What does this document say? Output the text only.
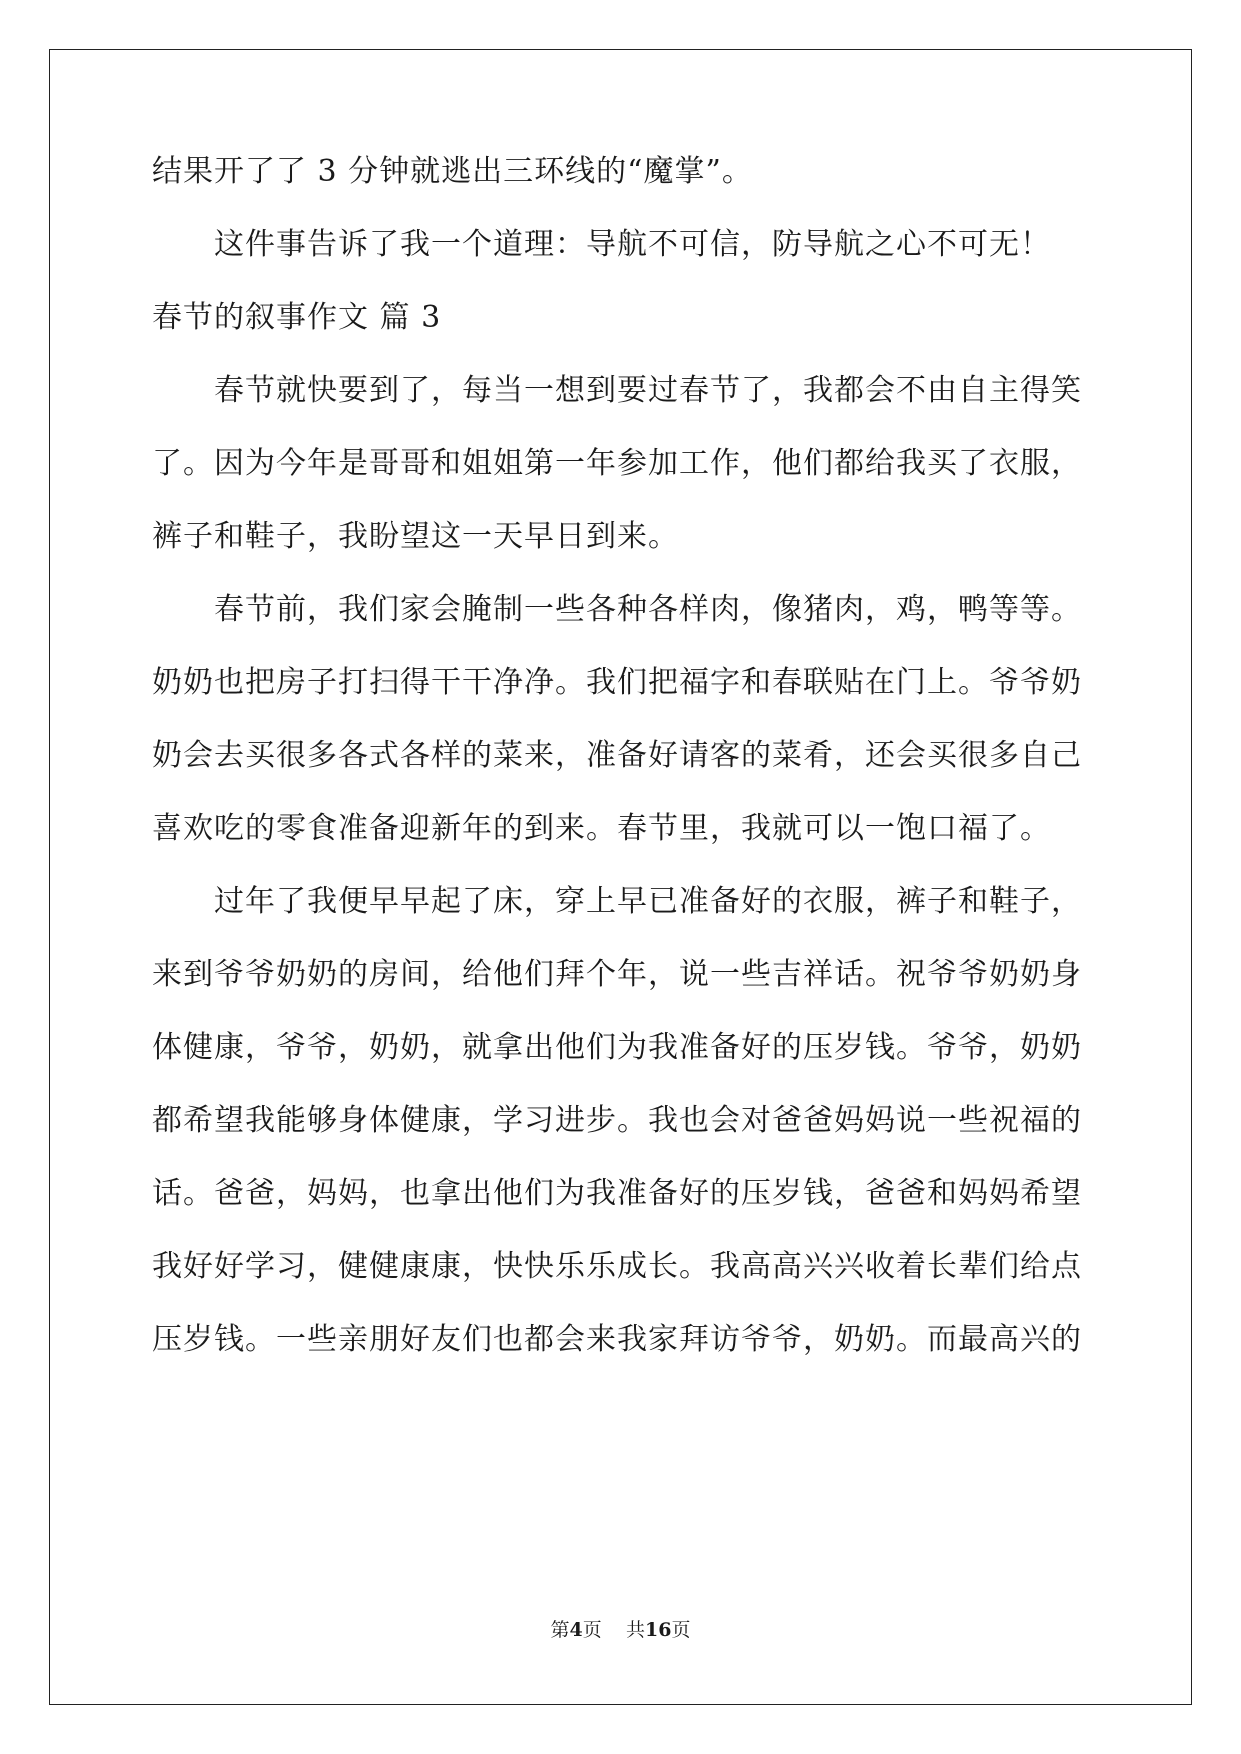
结果开了了 3 分钟就逃出三环线的“魔掌”。
这件事告诉了我一个道理：导航不可信，防导航之心不可无！
春节的叙事作文 篇 3
春节就快要到了，每当一想到要过春节了，我都会不由自主得笑
了。因为今年是哥哥和姐姐第一年参加工作，他们都给我买了衣服，
裤子和鞋子，我盼望这一天早日到来。
春节前，我们家会腌制一些各种各样肉，像猪肉，鸡，鸭等等。
奶奶也把房子打扫得干干净净。我们把福字和春联贴在门上。爷爷奶
奶会去买很多各式各样的菜来，准备好请客的菜肴，还会买很多自己
喜欢吃的零食准备迎新年的到来。春节里，我就可以一饱口福了。
过年了我便早早起了床，穿上早已准备好的衣服，裤子和鞋子，
来到爷爷奶奶的房间，给他们拜个年，说一些吉祥话。祝爷爷奶奶身
体健康，爷爷，奶奶，就拿出他们为我准备好的压岁钱。爷爷，奶奶
都希望我能够身体健康，学习进步。我也会对爸爸妈妈说一些祝福的
话。爸爸，妈妈，也拿出他们为我准备好的压岁钱，爸爸和妈妈希望
我好好学习，健健康康，快快乐乐成长。我高高兴兴收着长辈们给点
压岁钱。一些亲朋好友们也都会来我家拜访爷爷，奶奶。而最高兴的
第4页 共16页
